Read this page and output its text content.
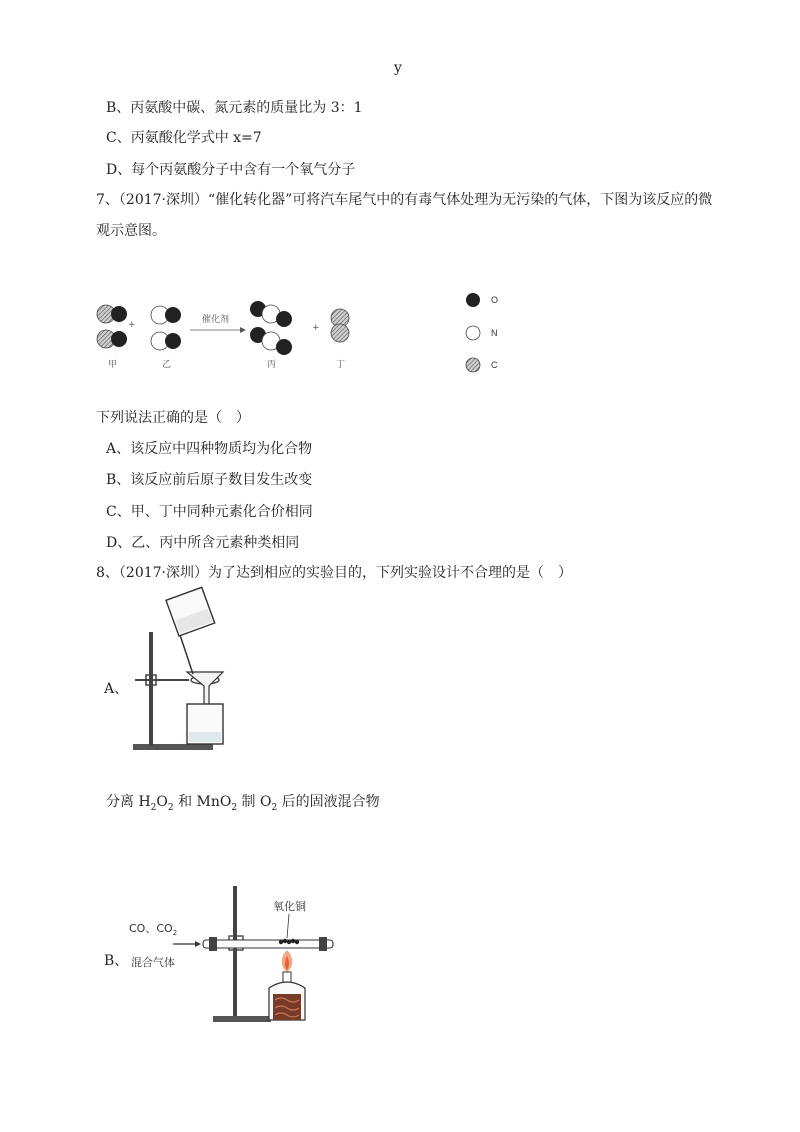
y
B、丙氨酸中碳、氮元素的质量比为 3：1
C、丙氨酸化学式中 x=7
D、每个丙氨酸分子中含有一个氧气分子
7、（2017·深圳）“催化转化器”可将汽车尾气中的有毒气体处理为无污染的气体，下图为该反应的微
观示意图。
+	催化剂
+
甲	乙	丙	丁
O
N
C
下列说法正确的是（　）
A、该反应中四种物质均为化合物
B、该反应前后原子数目发生改变
C、甲、丁中同种元素化合价相同
D、乙、丙中所含元素种类相同
8、（2017·深圳）为了达到相应的实验目的，下列实验设计不合理的是（　）
A、
分离 $H_2O_2$ 和 MnO$_2$ 制 $O_2$ 后的固液混合物
B、
CO、$CO_2$
混合气体
氧化铜
